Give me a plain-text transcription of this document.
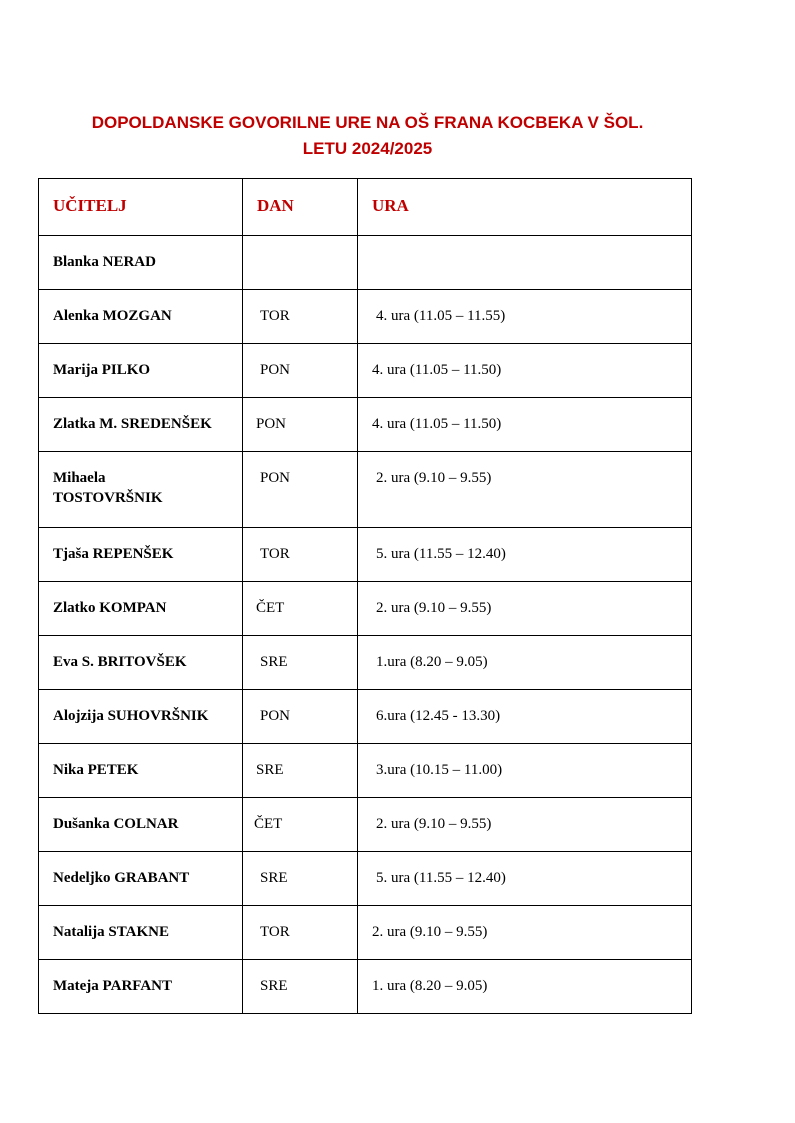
DOPOLDANSKE GOVORILNE URE NA OŠ FRANA KOCBEKA V ŠOL.
LETU 2024/2025
UČITELJ	DAN	URA
Blanka NERAD		
Alenka MOZGAN	TOR	4. ura (11.05 – 11.55)
Marija PILKO	PON	4. ura (11.05 – 11.50)
Zlatka M. SREDENŠEK	PON	4. ura (11.05 – 11.50)

Mihaela
TOSTOVRŠNIK	PON	2. ura (9.10 – 9.55)
Tjaša REPENŠEK	TOR	5. ura (11.55 – 12.40)
Zlatko KOMPAN	ČET	2. ura (9.10 – 9.55)
Eva S. BRITOVŠEK	SRE	1.ura (8.20 – 9.05)
Alojzija SUHOVRŠNIK	PON	6.ura (12.45 - 13.30)
Nika PETEK	SRE	3.ura (10.15 – 11.00)
Dušanka COLNAR	ČET	2. ura (9.10 – 9.55)
Nedeljko GRABANT	SRE	5. ura (11.55 – 12.40)
Natalija STAKNE	TOR	2. ura (9.10 – 9.55)
Mateja PARFANT	SRE	1. ura (8.20 – 9.05)
